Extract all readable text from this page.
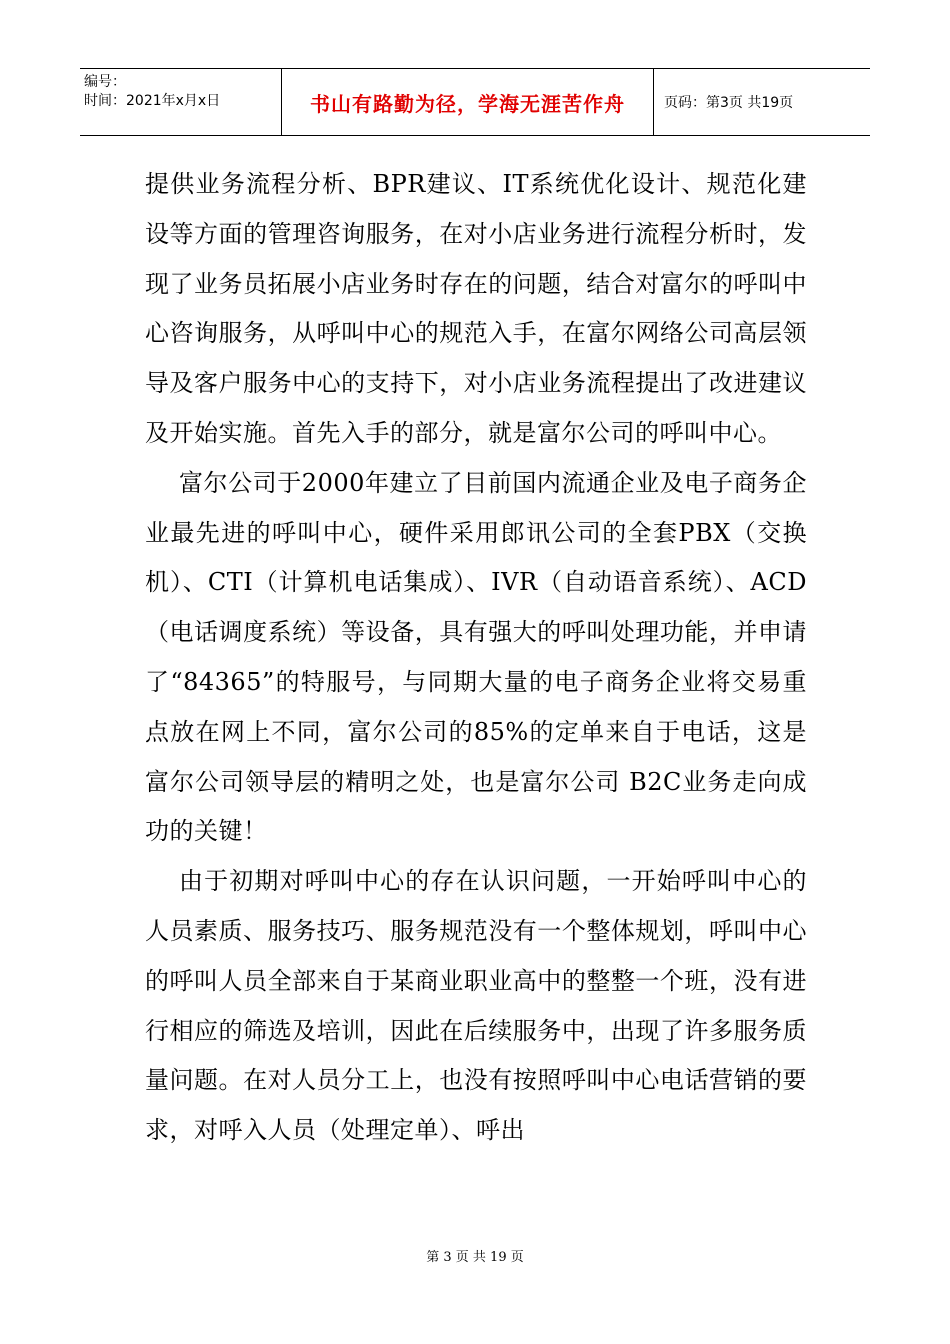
编号：
时间：2021年x月x日	书山有路勤为径，学海无涯苦作舟	页码：第3页 共19页

提供业务流程分析、BPR建议、IT系统优化设计、规范化建设等方面的管理咨询服务，在对小店业务进行流程分析时，发现了业务员拓展小店业务时存在的问题，结合对富尔的呼叫中心咨询服务，从呼叫中心的规范入手，在富尔网络公司高层领导及客户服务中心的支持下，对小店业务流程提出了改进建议及开始实施。首先入手的部分，就是富尔公司的呼叫中心。

富尔公司于2000年建立了目前国内流通企业及电子商务企业最先进的呼叫中心，硬件采用郎讯公司的全套PBX（交换机）、CTI（计算机电话集成）、IVR（自动语音系统）、ACD（电话调度系统）等设备，具有强大的呼叫处理功能，并申请了“84365”的特服号，与同期大量的电子商务企业将交易重点放在网上不同，富尔公司的85%的定单来自于电话，这是富尔公司领导层的精明之处，也是富尔公司 B2C业务走向成功的关键！

由于初期对呼叫中心的存在认识问题，一开始呼叫中心的人员素质、服务技巧、服务规范没有一个整体规划，呼叫中心的呼叫人员全部来自于某商业职业高中的整整一个班，没有进行相应的筛选及培训，因此在后续服务中，出现了许多服务质量问题。在对人员分工上，也没有按照呼叫中心电话营销的要求，对呼入人员（处理定单）、呼出

第 3 页 共 19 页
